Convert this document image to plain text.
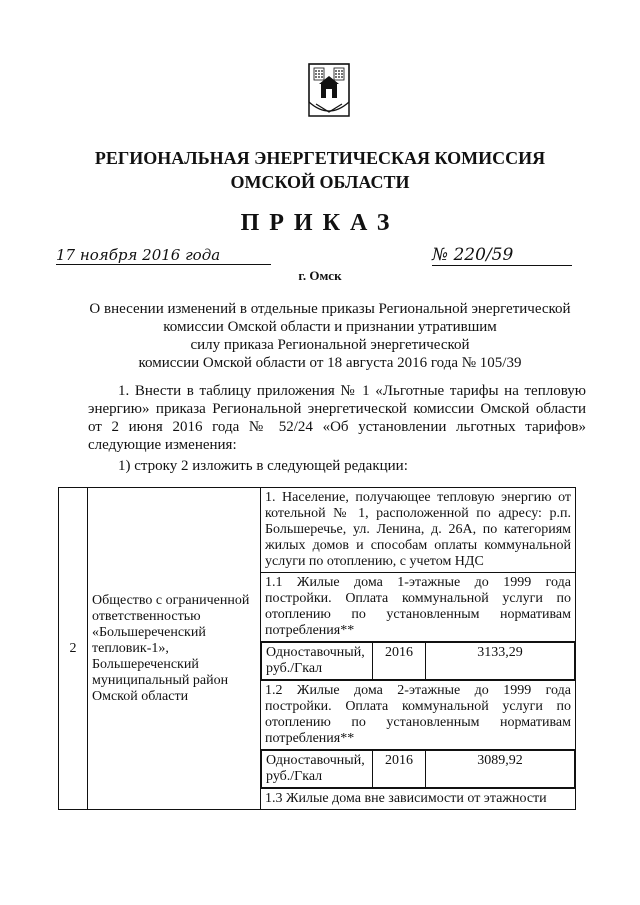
РЕГИОНАЛЬНАЯ ЭНЕРГЕТИЧЕСКАЯ КОМИССИЯ
ОМСКОЙ ОБЛАСТИ
ПРИКАЗ
17 ноября 2016 года	№ 220/59
г. Омск
О внесении изменений в отдельные приказы Региональной энергетической
комиссии Омской области и признании утратившим
силу приказа Региональной энергетической
комиссии Омской области от 18 августа 2016 года № 105/39
1. Внести в таблицу приложения № 1 «Льготные тарифы на тепловую энергию» приказа Региональной энергетической комиссии Омской области от 2 июня 2016 года № 52/24 «Об установлении льготных тарифов» следующие изменения:
1) строку 2 изложить в следующей редакции:
2	Общество с ограниченной ответственностью «Большереченский тепловик-1», Большереченский муниципальный район Омской области	1. Население, получающее тепловую энергию от котельной № 1, расположенной по адресу: р.п. Большеречье, ул. Ленина, д. 26А, по категориям жилых домов и способам оплаты коммунальной услуги по отоплению, с учетом НДС
1.1 Жилые дома 1-этажные до 1999 года постройки. Оплата коммунальной услуги по отоплению по установленным нормативам потребления**

Одноставочный, руб./Гкал	2016	3133,29

1.2 Жилые дома 2-этажные до 1999 года постройки. Оплата коммунальной услуги по отоплению по установленным нормативам потребления**

Одноставочный, руб./Гкал	2016	3089,92

1.3 Жилые дома вне зависимости от этажности
